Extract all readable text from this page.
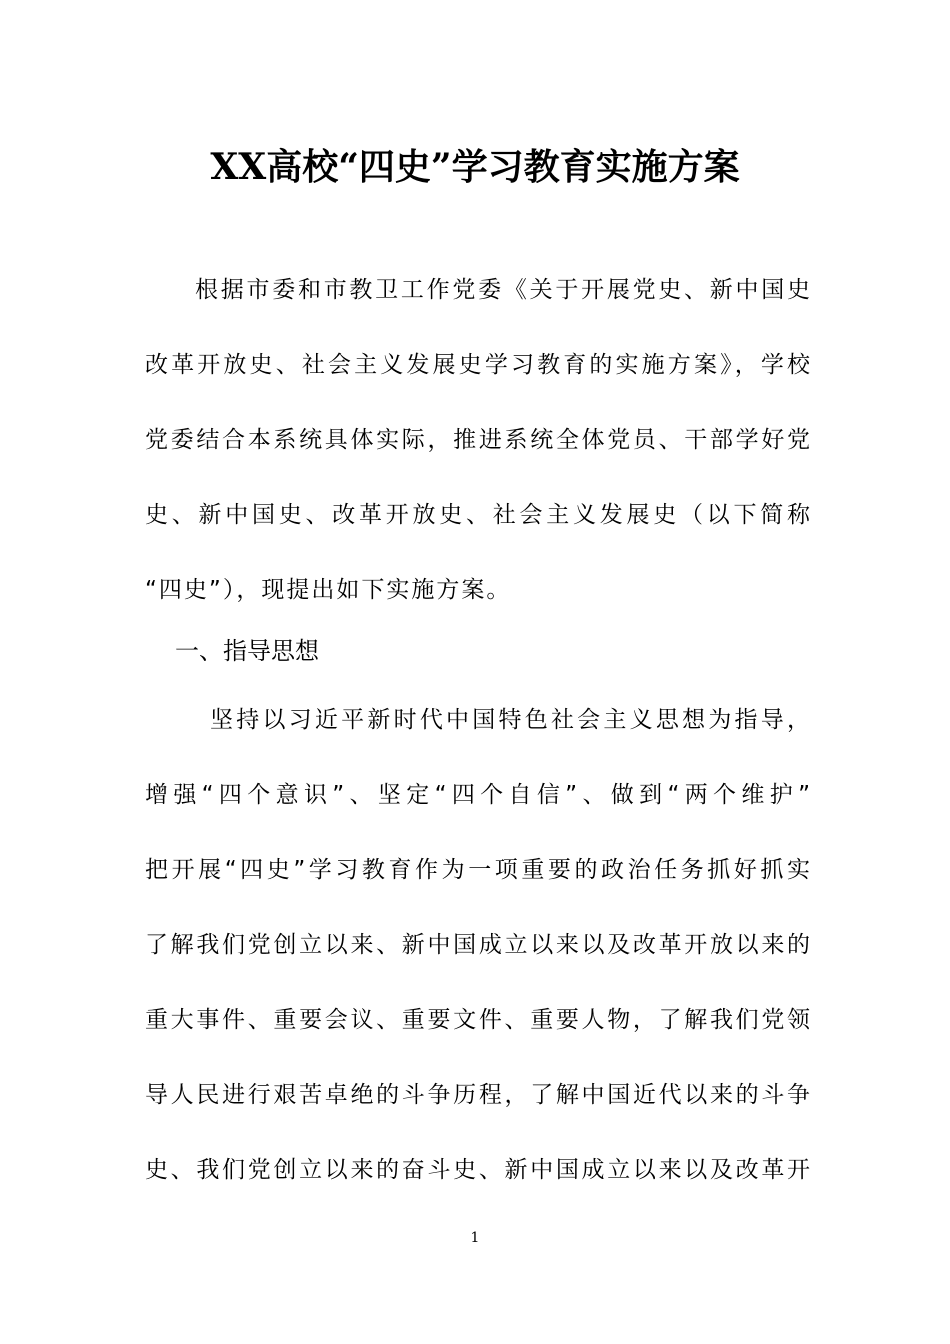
XX高校“四史”学习教育实施方案
根据市委和市教卫工作党委《关于开展党史、新中国史
改革开放史、社会主义发展史学习教育的实施方案》，学校
党委结合本系统具体实际，推进系统全体党员、干部学好党
史、新中国史、改革开放史、社会主义发展史（以下简称
“四史”），现提出如下实施方案。
一、指导思想
坚持以习近平新时代中国特色社会主义思想为指导，
增强“四个意识”、坚定“四个自信”、做到“两个维护”
把开展“四史”学习教育作为一项重要的政治任务抓好抓实
了解我们党创立以来、新中国成立以来以及改革开放以来的
重大事件、重要会议、重要文件、重要人物，了解我们党领
导人民进行艰苦卓绝的斗争历程，了解中国近代以来的斗争
史、我们党创立以来的奋斗史、新中国成立以来以及改革开
1
